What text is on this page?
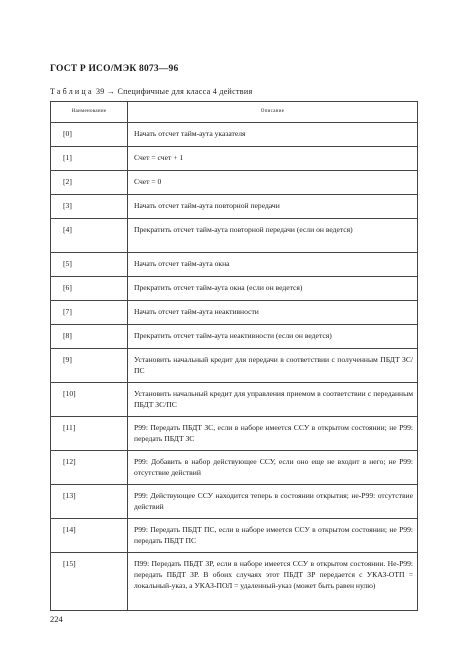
ГОСТ Р ИСО/МЭК 8073—96
Таблица 39 → Специфичные для класса 4 действия
Наименование	Описание
[0]	Начать отсчет тайм-аута указателя
[1]	Счет = счет + 1
[2]	Счет = 0
[3]	Начать отсчет тайм-аута повторной передачи
[4]	Прекратить отсчет тайм-аута повторной передачи (если он ведется)
[5]	Начать отсчет тайм-аута окна
[6]	Прекратить отсчет тайм-аута окна (если он ведется)
[7]	Начать отсчет тайм-аута неактивности
[8]	Прекратить отсчет тайм-аута неактивности (если он ведется)
[9]	Установить начальный кредит для передачи в соответствии с полученным ПБДТ ЗС/ПС
[10]	Установить начальный кредит для управления приемом в соответствии с переданным ПБДТ ЗС/ПС
[11]	Р99: Передать ПБДТ ЗС, если в наборе имеется ССУ в открытом состоянии; не Р99: передать ПБДТ ЗС
[12]	Р99: Добавить в набор действующее ССУ, если оно еще не входит в него; не Р99: отсутствие действий
[13]	Р99: Действующее ССУ находится теперь в состоянии открытия; не-Р99: отсутствие действий
[14]	Р99: Передать ПБДТ ПС, если в наборе имеется ССУ в открытом состоянии; не Р99: передать ПБДТ ПС
[15]	П99: Передать ПБДТ ЗР, если в наборе имеется ССУ в открытом состоянии. Не-Р99: передать ПБДТ ЗР. В обоих случаях этот ПБДТ ЗР передается с УКАЗ-ОТП = локальный-указ, а УКАЗ-ПОЛ = удаленный-указ (может быть равен нулю)
224
